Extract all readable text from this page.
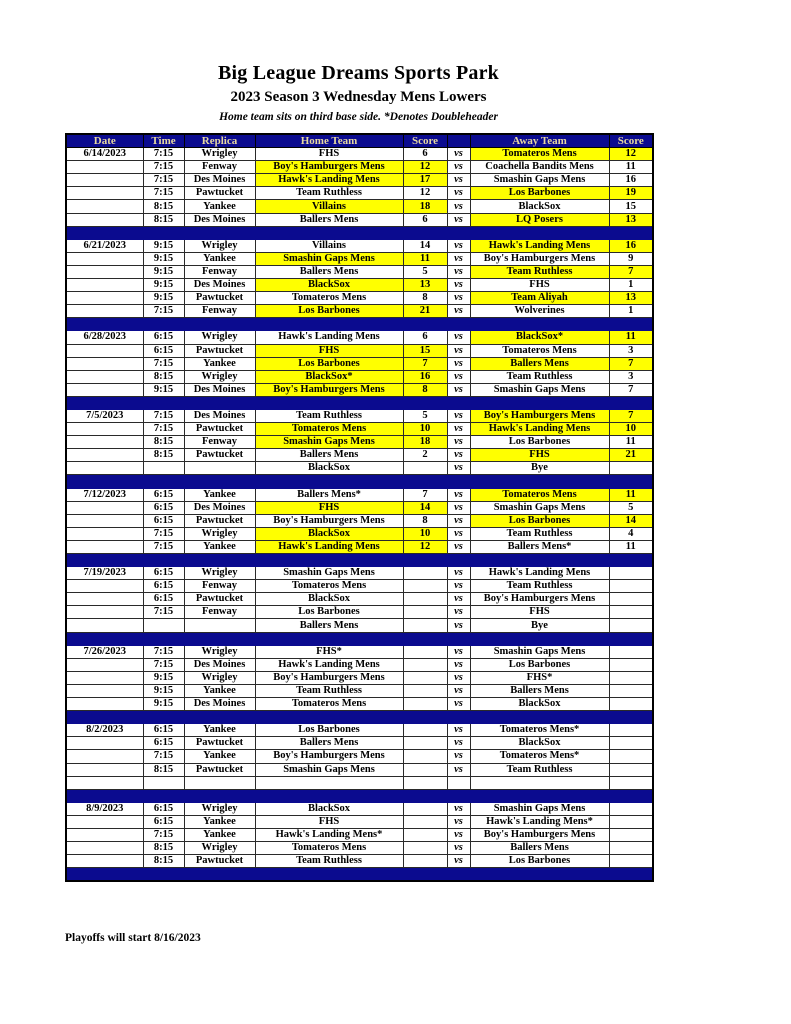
Big League Dreams Sports Park
2023 Season 3 Wednesday Mens Lowers
Home team sits on third base side. *Denotes Doubleheader
Date	Time	Replica	Home Team	Score		Away Team	Score
6/14/2023	7:15	Wrigley	FHS	6	vs	Tomateros Mens	12
	7:15	Fenway	Boy's Hamburgers Mens	12	vs	Coachella Bandits Mens	11
	7:15	Des Moines	Hawk's Landing Mens	17	vs	Smashin Gaps Mens	16
	7:15	Pawtucket	Team Ruthless	12	vs	Los Barbones	19
	8:15	Yankee	Villains	18	vs	BlackSox	15
	8:15	Des Moines	Ballers Mens	6	vs	LQ Posers	13

6/21/2023	9:15	Wrigley	Villains	14	vs	Hawk's Landing Mens	16
	9:15	Yankee	Smashin Gaps Mens	11	vs	Boy's Hamburgers Mens	9
	9:15	Fenway	Ballers Mens	5	vs	Team Ruthless	7
	9:15	Des Moines	BlackSox	13	vs	FHS	1
	9:15	Pawtucket	Tomateros Mens	8	vs	Team Aliyah	13
	7:15	Fenway	Los Barbones	21	vs	Wolverines	1

6/28/2023	6:15	Wrigley	Hawk's Landing Mens	6	vs	BlackSox*	11
	6:15	Pawtucket	FHS	15	vs	Tomateros Mens	3
	7:15	Yankee	Los Barbones	7	vs	Ballers Mens	7
	8:15	Wrigley	BlackSox*	16	vs	Team Ruthless	3
	9:15	Des Moines	Boy's Hamburgers Mens	8	vs	Smashin Gaps Mens	7

7/5/2023	7:15	Des Moines	Team Ruthless	5	vs	Boy's Hamburgers Mens	7
	7:15	Pawtucket	Tomateros Mens	10	vs	Hawk's Landing Mens	10
	8:15	Fenway	Smashin Gaps Mens	18	vs	Los Barbones	11
	8:15	Pawtucket	Ballers Mens	2	vs	FHS	21
			BlackSox		vs	Bye	

7/12/2023	6:15	Yankee	Ballers Mens*	7	vs	Tomateros Mens	11
	6:15	Des Moines	FHS	14	vs	Smashin Gaps Mens	5
	6:15	Pawtucket	Boy's Hamburgers Mens	8	vs	Los Barbones	14
	7:15	Wrigley	BlackSox	10	vs	Team Ruthless	4
	7:15	Yankee	Hawk's Landing Mens	12	vs	Ballers Mens*	11

7/19/2023	6:15	Wrigley	Smashin Gaps Mens		vs	Hawk's Landing Mens	
	6:15	Fenway	Tomateros Mens		vs	Team Ruthless	
	6:15	Pawtucket	BlackSox		vs	Boy's Hamburgers Mens	
	7:15	Fenway	Los Barbones		vs	FHS	
			Ballers Mens		vs	Bye	

7/26/2023	7:15	Wrigley	FHS*		vs	Smashin Gaps Mens	
	7:15	Des Moines	Hawk's Landing Mens		vs	Los Barbones	
	9:15	Wrigley	Boy's Hamburgers Mens		vs	FHS*	
	9:15	Yankee	Team Ruthless		vs	Ballers Mens	
	9:15	Des Moines	Tomateros Mens		vs	BlackSox	

8/2/2023	6:15	Yankee	Los Barbones		vs	Tomateros Mens*	
	6:15	Pawtucket	Ballers Mens		vs	BlackSox	
	7:15	Yankee	Boy's Hamburgers Mens		vs	Tomateros Mens*	
	8:15	Pawtucket	Smashin Gaps Mens		vs	Team Ruthless	

8/9/2023	6:15	Wrigley	BlackSox		vs	Smashin Gaps Mens	
	6:15	Yankee	FHS		vs	Hawk's Landing Mens*	
	7:15	Yankee	Hawk's Landing Mens*		vs	Boy's Hamburgers Mens	
	8:15	Wrigley	Tomateros Mens		vs	Ballers Mens	
	8:15	Pawtucket	Team Ruthless		vs	Los Barbones	

Playoffs will start 8/16/2023
